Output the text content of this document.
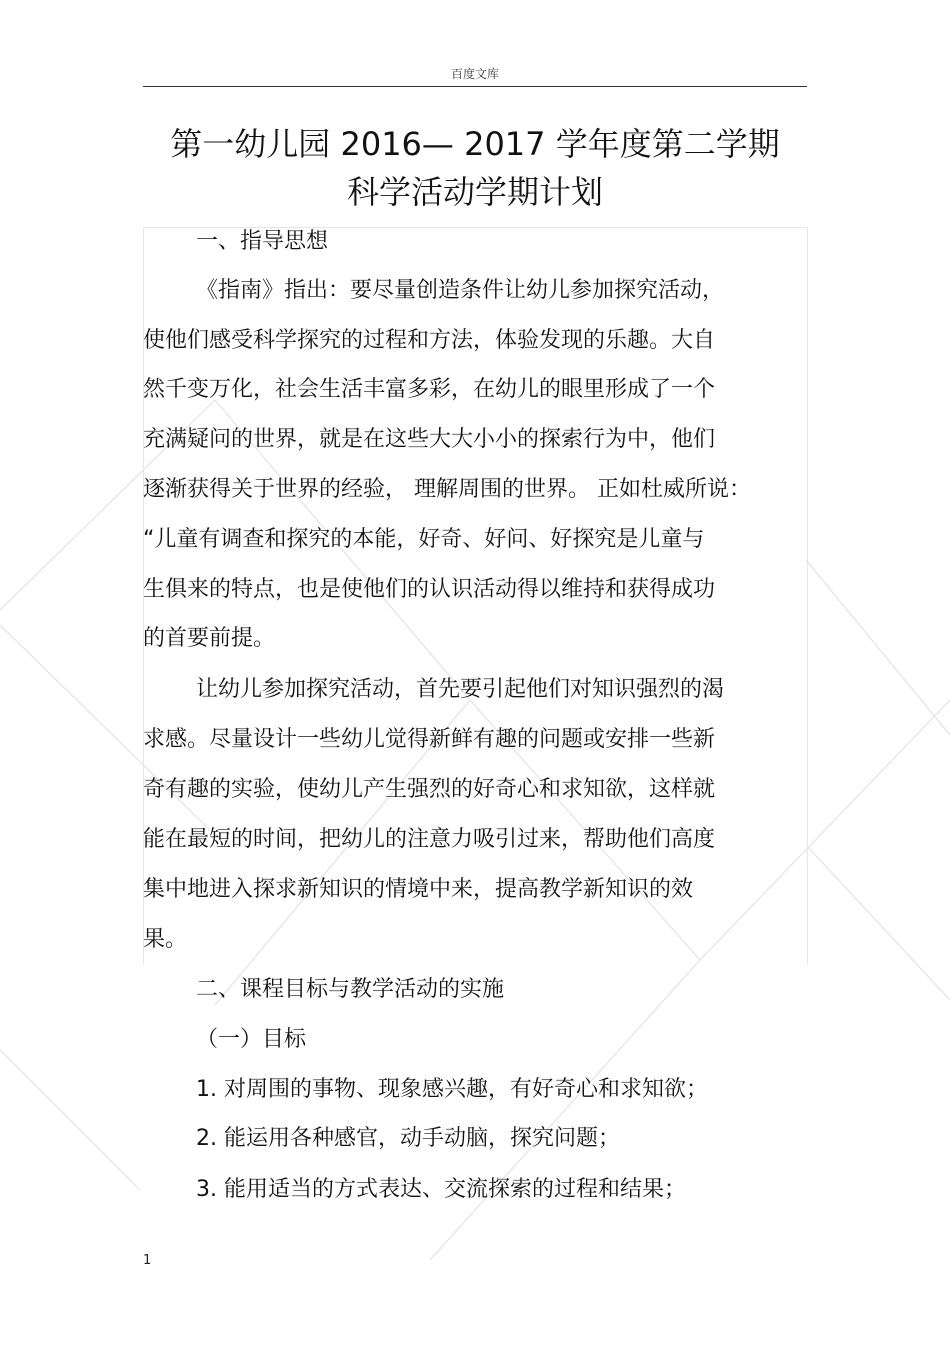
百度文库
第一幼儿园 2016— 2017 学年度第二学期
科学活动学期计划
一、指导思想
《指南》指出：要尽量创造条件让幼儿参加探究活动，
使他们感受科学探究的过程和方法，体验发现的乐趣。大自
然千变万化，社会生活丰富多彩，在幼儿的眼里形成了一个
充满疑问的世界，就是在这些大大小小的探索行为中，他们
逐渐获得关于世界的经验， 理解周围的世界。 正如杜威所说：
“儿童有调查和探究的本能，好奇、好问、好探究是儿童与
生俱来的特点，也是使他们的认识活动得以维持和获得成功
的首要前提。
让幼儿参加探究活动，首先要引起他们对知识强烈的渴
求感。尽量设计一些幼儿觉得新鲜有趣的问题或安排一些新
奇有趣的实验，使幼儿产生强烈的好奇心和求知欲，这样就
能在最短的时间，把幼儿的注意力吸引过来，帮助他们高度
集中地进入探求新知识的情境中来，提高教学新知识的效
果。
二、课程目标与教学活动的实施
（一）目标
1. 对周围的事物、现象感兴趣，有好奇心和求知欲；
2. 能运用各种感官，动手动脑，探究问题；
3. 能用适当的方式表达、交流探索的过程和结果；
1
